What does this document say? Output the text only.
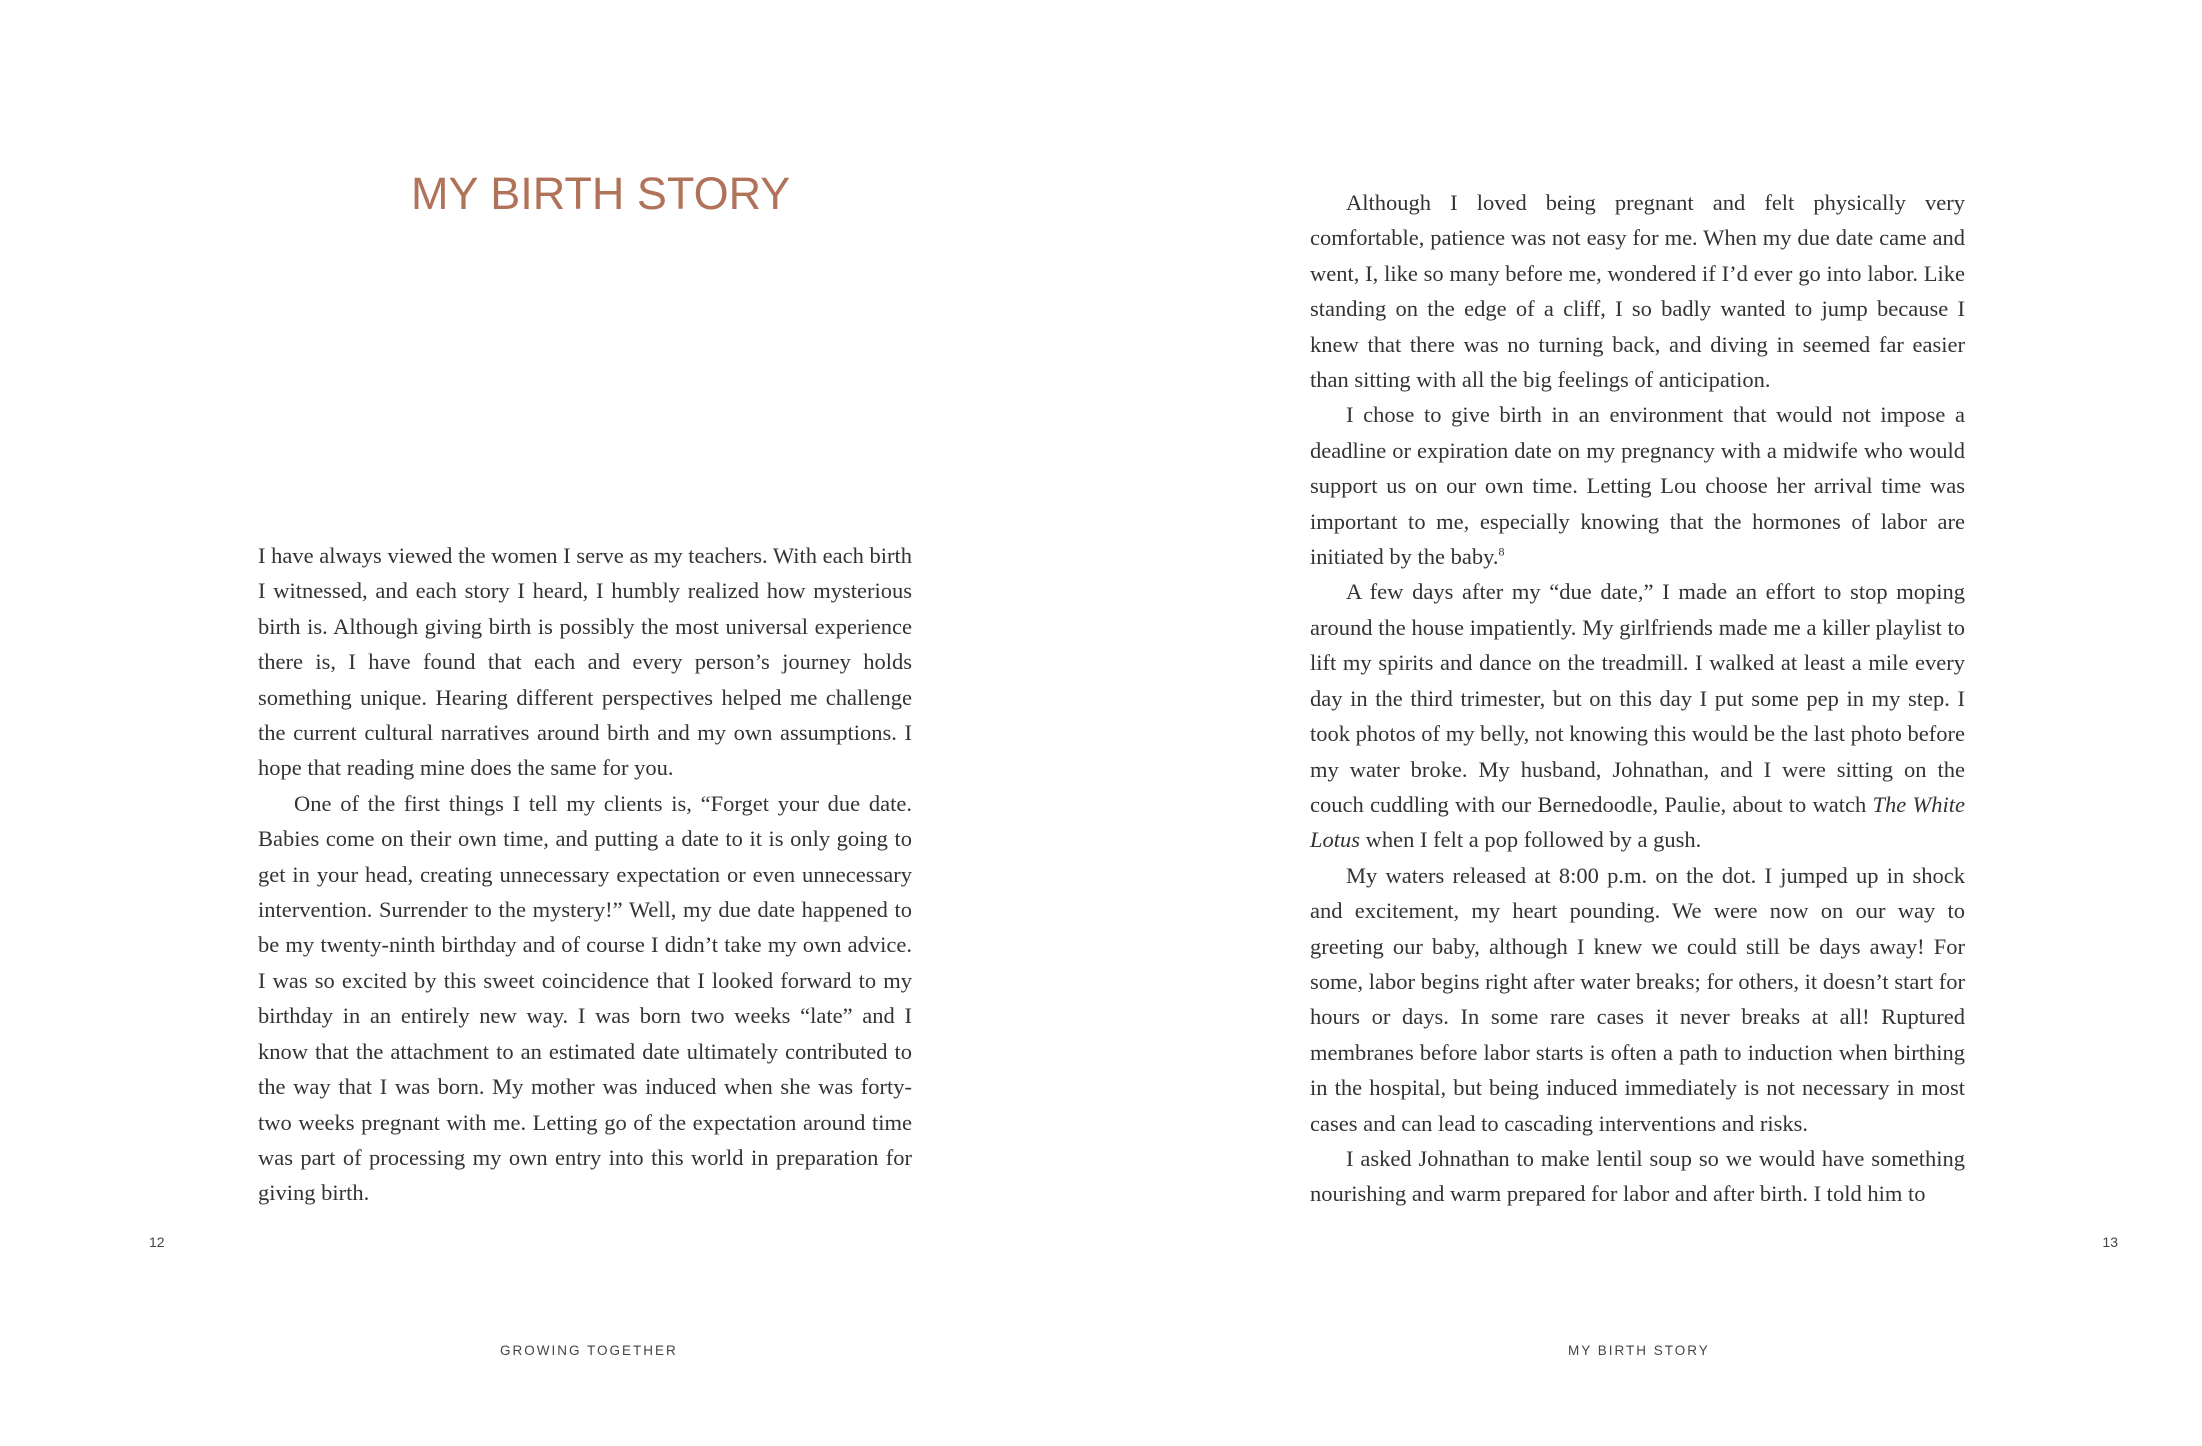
MY BIRTH STORY

I have always viewed the women I serve as my teachers. With each birth I witnessed, and each story I heard, I humbly realized how mysterious birth is. Although giving birth is possibly the most universal experience there is, I have found that each and every person’s journey holds something unique. Hearing different perspectives helped me challenge the current cultural narratives around birth and my own assumptions. I hope that reading mine does the same for you.

One of the first things I tell my clients is, “Forget your due date. Babies come on their own time, and putting a date to it is only going to get in your head, creating unnecessary expectation or even unnecessary intervention. Surrender to the mystery!” Well, my due date happened to be my twenty-ninth birthday and of course I didn’t take my own advice. I was so excited by this sweet coincidence that I looked forward to my birthday in an entirely new way. I was born two weeks “late” and I know that the attachment to an estimated date ultimately contributed to the way that I was born. My mother was induced when she was forty-two weeks pregnant with me. Letting go of the expectation around time was part of processing my own entry into this world in preparation for giving birth.

12
GROWING TOGETHER

Although I loved being pregnant and felt physically very comfortable, patience was not easy for me. When my due date came and went, I, like so many before me, wondered if I’d ever go into labor. Like standing on the edge of a cliff, I so badly wanted to jump because I knew that there was no turning back, and diving in seemed far easier than sitting with all the big feelings of anticipation.

I chose to give birth in an environment that would not impose a deadline or expiration date on my pregnancy with a midwife who would support us on our own time. Letting Lou choose her arrival time was important to me, especially knowing that the hormones of labor are initiated by the baby.$^8$

A few days after my “due date,” I made an effort to stop moping around the house impatiently. My girlfriends made me a killer playlist to lift my spirits and dance on the treadmill. I walked at least a mile every day in the third trimester, but on this day I put some pep in my step. I took photos of my belly, not knowing this would be the last photo before my water broke. My husband, Johnathan, and I were sitting on the couch cuddling with our Bernedoodle, Paulie, about to watch The White Lotus when I felt a pop followed by a gush.

My waters released at 8:00 p.m. on the dot. I jumped up in shock and excitement, my heart pounding. We were now on our way to greeting our baby, although I knew we could still be days away! For some, labor begins right after water breaks; for others, it doesn’t start for hours or days. In some rare cases it never breaks at all! Ruptured membranes before labor starts is often a path to induction when birthing in the hospital, but being induced immediately is not necessary in most cases and can lead to cascading interventions and risks.

I asked Johnathan to make lentil soup so we would have something nourishing and warm prepared for labor and after birth. I told him to

13
MY BIRTH STORY
